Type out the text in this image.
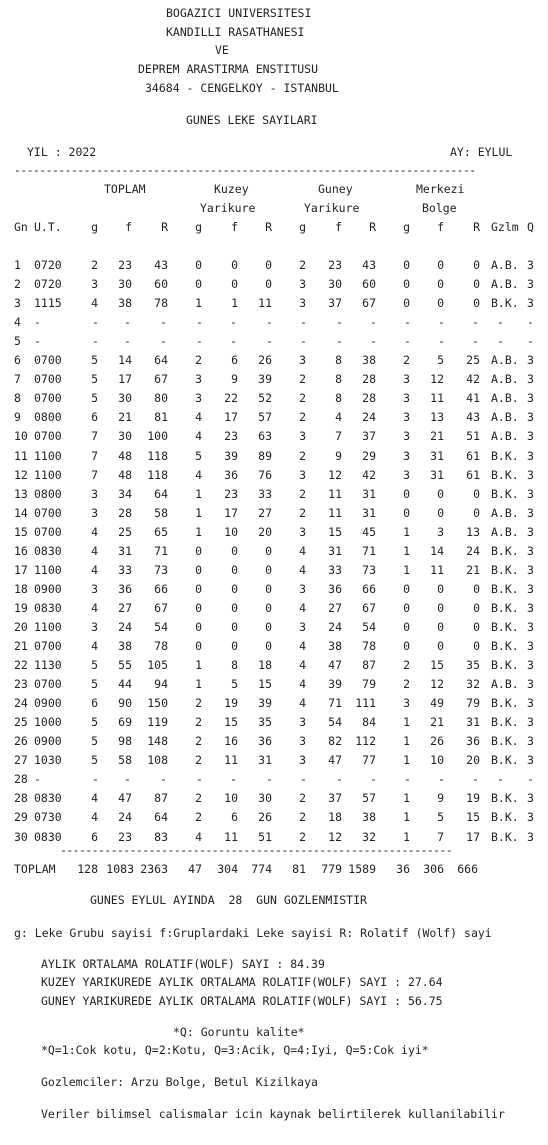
BOGAZICI UNIVERSITESI
KANDILLI RASATHANESI
VE
DEPREM ARASTIRMA ENSTITUSU
34684 - CENGELKOY - ISTANBUL
GUNES LEKE SAYILARI
YIL : 2022	AY: EYLUL
-------------------------------------------------------------------------
TOPLAM	Kuzey
Yarikure
Guney
Yarikure
Merkezi
Bolge
Gn U.T.	g	f	R	g	f	R	g	f	R	g	f	R Gzlm Q
1	0720	2	23	43	0	0	0	2	23	43	0	0	0 A.B. 3
2	0720	3	30	60	0	0	0	3	30	60	0	0	0 A.B. 3
3	1115	4	38	78	1	1	11	3	37	67	0	0	0 B.K. 3
4	-	- -	-	- -	- -	- - - - - - -
5	-	- -	-	- -	- -	- - - - - - -
6	0700	5	14	64	2	6	26	3	8	38	2	5	25 A.B. 3
7	0700	5	17	67	3	9	39	2	8	28	3	12	42 A.B. 3
8	0700	5	30	80	3	22	52	2	8	28	3	11	41 A.B. 3
9	0800	6	21	81	4	17	57	2	4	24	3	13	43 A.B. 3
10 0700	7	30	100	4	23	63	3	7	37	3	21	51 A.B. 3
11 1100	7	48	118	5	39	89	2	9	29	3	31	61 B.K. 3
12 1100	7	48	118	4	36	76	3	12	42	3	31	61 B.K. 3
13 0800	3	34	64	1	23	33	2	11	31	0	0	0 B.K. 3
14 0700	3	28	58	1	17	27	2	11	31	0	0	0 A.B. 3
15 0700	4	25	65	1	10	20	3	15	45	1	3	13 A.B. 3
16 0830	4	31	71	0	0	0	4	31	71	1	14	24 B.K. 3
17 1100	4	33	73	0	0	0	4	33	73	1	11	21 B.K. 3
18 0900	3	36	66	0	0	0	3	36	66	0	0	0 B.K. 3
19 0830	4	27	67	0	0	0	4	27	67	0	0	0 B.K. 3
20 1100	3	24	54	0	0	0	3	24	54	0	0	0 B.K. 3
21 0700	4	38	78	0	0	0	4	38	78	0	0	0 B.K. 3
22 1130	5	55	105	1	8	18	4	47	87	2	15	35 B.K. 3
23 0700	5	44	94	1	5	15	4	39	79	2	12	32 A.B. 3
24 0900	6	90	150	2	19	39	4	71	111	3	49	79 B.K. 3
25 1000	5	69	119	2	15	35	3	54	84	1	21	31 B.K. 3
26 0900	5	98	148	2	16	36	3	82	112	1	26	36 B.K. 3
27 1030	5	58	108	2	11	31	3	47	77	1	10	20 B.K. 3
28 -	- -	-	- -	- -	- - - - - - -
28 0830	4	47	87	2	10	30	2	37	57	1	9	19 B.K. 3
29 0730	4	24	64	2	6	26	2	18	38	1	5	15 B.K. 3
30 0830	6	23	83	4	11	51	2	12	32	1	7	17 B.K. 3
--------------------------------------------------------------
TOPLAM	128 1083 2363	47	304	774	81	779 1589	36	306	666
GUNES EYLUL AYINDA  28  GUN GOZLENMISTIR
g: Leke Grubu sayisi f:Gruplardaki Leke sayisi R: Rolatif (Wolf) sayi
AYLIK ORTALAMA ROLATIF(WOLF) SAYI : 84.39
KUZEY YARIKUREDE AYLIK ORTALAMA ROLATIF(WOLF) SAYI : 27.64
GUNEY YARIKUREDE AYLIK ORTALAMA ROLATIF(WOLF) SAYI : 56.75
*Q: Goruntu kalite*
*Q=1:Cok kotu, Q=2:Kotu, Q=3:Acik, Q=4:Iyi, Q=5:Cok iyi*
Gozlemciler: Arzu Bolge, Betul Kizilkaya
Veriler bilimsel calismalar icin kaynak belirtilerek kullanilabilir
